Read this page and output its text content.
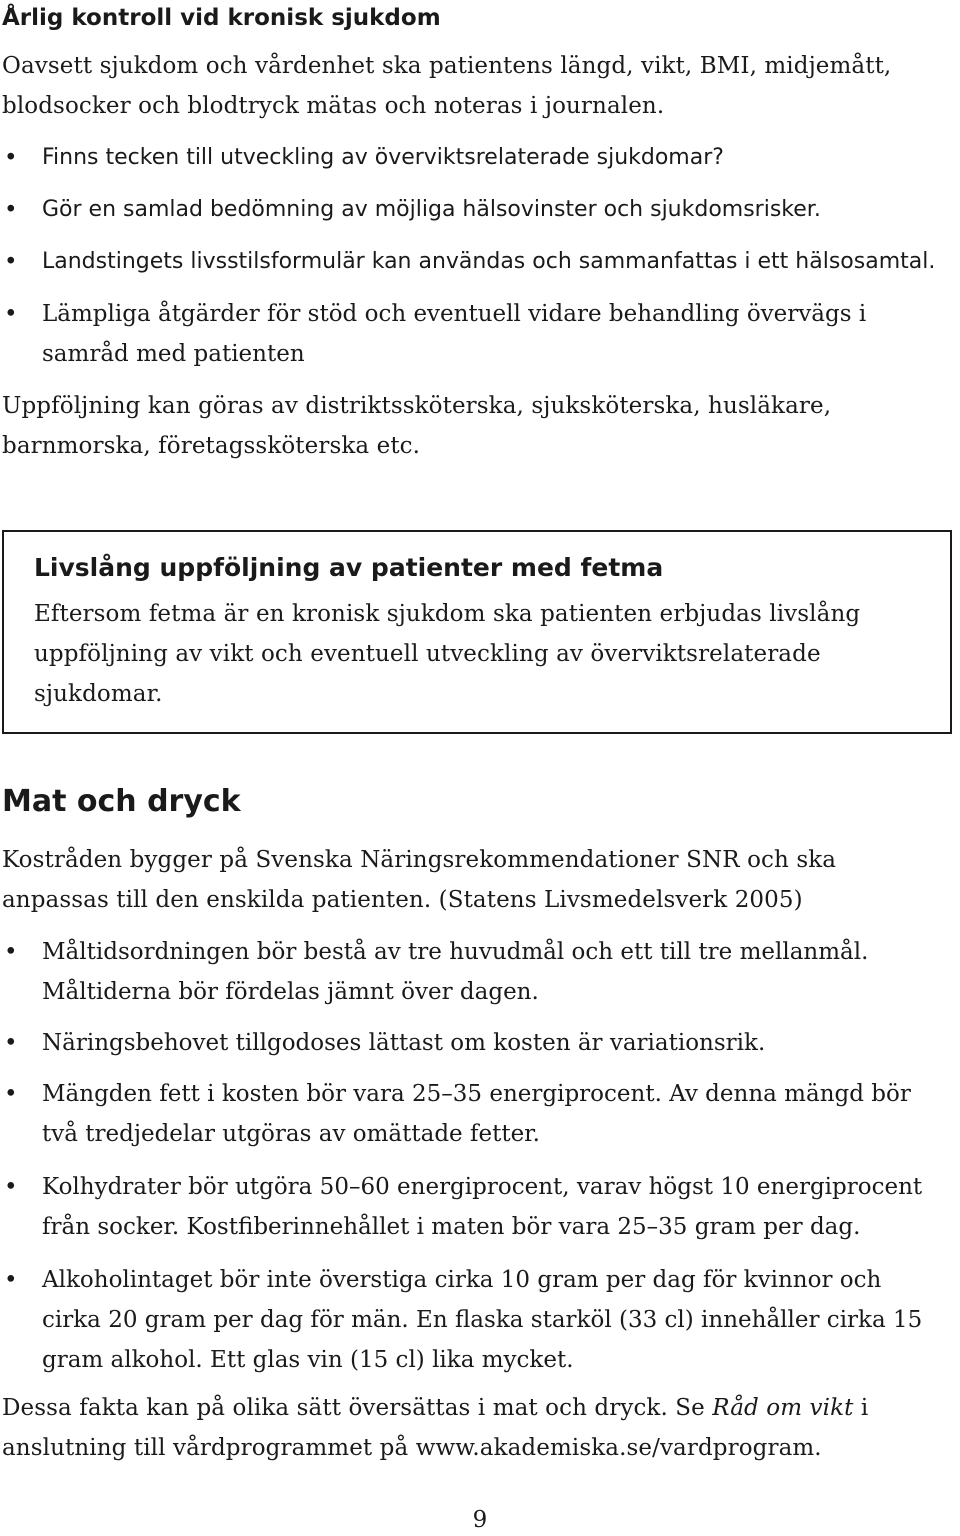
Årlig kontroll vid kronisk sjukdom

Oavsett sjukdom och vårdenhet ska patientens längd, vikt, BMI, midjemått, blodsocker och blodtryck mätas och noteras i journalen.

• Finns tecken till utveckling av överviktsrelaterade sjukdomar?
• Gör en samlad bedömning av möjliga hälsovinster och sjukdomsrisker.
• Landstingets livsstilsformulär kan användas och sammanfattas i ett hälsosamtal.
• Lämpliga åtgärder för stöd och eventuell vidare behandling övervägs i samråd med patienten

Uppföljning kan göras av distriktssköterska, sjuksköterska, husläkare, barnmorska, företagssköterska etc.

Livslång uppföljning av patienter med fetma

Eftersom fetma är en kronisk sjukdom ska patienten erbjudas livslång uppföljning av vikt och eventuell utveckling av överviktsrelaterade sjukdomar.

Mat och dryck

Kostråden bygger på Svenska Näringsrekommendationer SNR och ska anpassas till den enskilda patienten. (Statens Livsmedelsverk 2005)

• Måltidsordningen bör bestå av tre huvudmål och ett till tre mellanmål. Måltiderna bör fördelas jämnt över dagen.
• Näringsbehovet tillgodoses lättast om kosten är variationsrik.
• Mängden fett i kosten bör vara 25–35 energiprocent. Av denna mängd bör två tredjedelar utgöras av omättade fetter.
• Kolhydrater bör utgöra 50–60 energiprocent, varav högst 10 energiprocent från socker. Kostfiberinnehållet i maten bör vara 25–35 gram per dag.
• Alkoholintaget bör inte överstiga cirka 10 gram per dag för kvinnor och cirka 20 gram per dag för män. En flaska starköl (33 cl) innehåller cirka 15 gram alkohol. Ett glas vin (15 cl) lika mycket.

Dessa fakta kan på olika sätt översättas i mat och dryck. Se Råd om vikt i anslutning till vårdprogrammet på www.akademiska.se/vardprogram.

9
